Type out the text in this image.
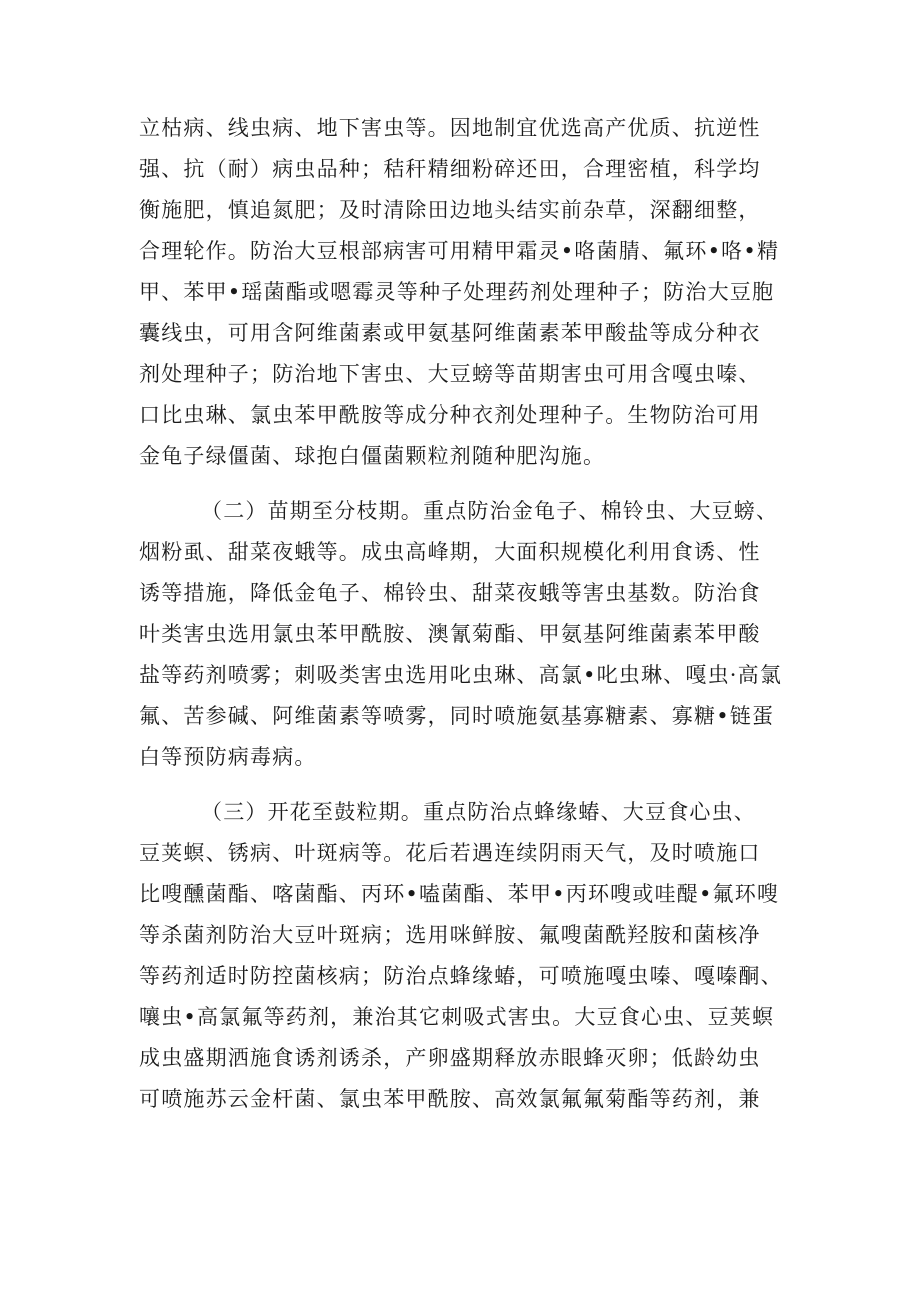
立枯病、线虫病、地下害虫等。因地制宜优选高产优质、抗逆性
强、抗（耐）病虫品种；秸秆精细粉碎还田，合理密植，科学均
衡施肥，慎追氮肥；及时清除田边地头结实前杂草，深翻细整，
合理轮作。防治大豆根部病害可用精甲霜灵•咯菌腈、氟环•咯•精
甲、苯甲•瑶菌酯或嗯霉灵等种子处理药剂处理种子；防治大豆胞
囊线虫，可用含阿维菌素或甲氨基阿维菌素苯甲酸盐等成分种衣
剂处理种子；防治地下害虫、大豆螃等苗期害虫可用含嘎虫嗪、
口比虫琳、氯虫苯甲酰胺等成分种衣剂处理种子。生物防治可用
金龟子绿僵菌、球抱白僵菌颗粒剂随种肥沟施。
（二）苗期至分枝期。重点防治金龟子、棉铃虫、大豆螃、
烟粉虱、甜菜夜蛾等。成虫高峰期，大面积规模化利用食诱、性
诱等措施，降低金龟子、棉铃虫、甜菜夜蛾等害虫基数。防治食
叶类害虫选用氯虫苯甲酰胺、澳氰菊酯、甲氨基阿维菌素苯甲酸
盐等药剂喷雾；刺吸类害虫选用叱虫琳、高氯•叱虫琳、嘎虫·高氯
氟、苦参碱、阿维菌素等喷雾，同时喷施氨基寡糖素、寡糖•链蛋
白等预防病毒病。
（三）开花至鼓粒期。重点防治点蜂缘蝽、大豆食心虫、
豆荚螟、锈病、叶斑病等。花后若遇连续阴雨天气，及时喷施口
比嗖醺菌酯、喀菌酯、丙环•嗑菌酯、苯甲•丙环嗖或哇醍•氟环嗖
等杀菌剂防治大豆叶斑病；选用咪鲜胺、氟嗖菌酰羟胺和菌核净
等药剂适时防控菌核病；防治点蜂缘蝽，可喷施嘎虫嗪、嘎嗪酮、
嚷虫•高氯氟等药剂，兼治其它刺吸式害虫。大豆食心虫、豆荚螟
成虫盛期洒施食诱剂诱杀，产卵盛期释放赤眼蜂灭卵；低龄幼虫
可喷施苏云金杆菌、氯虫苯甲酰胺、高效氯氟氟菊酯等药剂，兼
